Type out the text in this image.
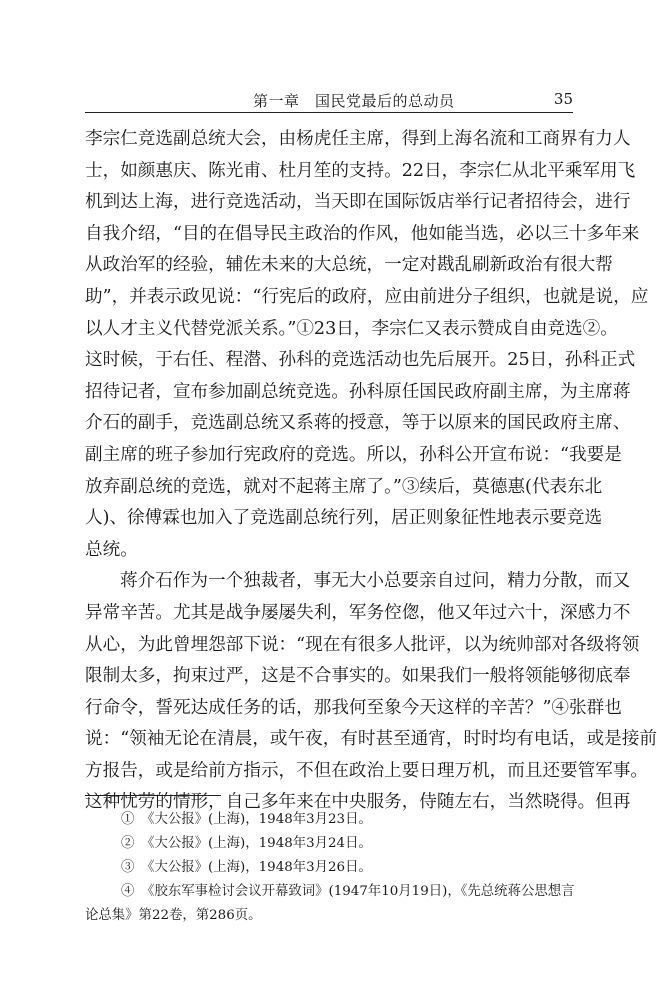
第一章　国民党最后的总动员	35
李宗仁竞选副总统大会，由杨虎任主席，得到上海名流和工商界有力人
士，如颜惠庆、陈光甫、杜月笙的支持。22日，李宗仁从北平乘军用飞
机到达上海，进行竞选活动，当天即在国际饭店举行记者招待会，进行
自我介绍，“目的在倡导民主政治的作风，他如能当选，必以三十多年来
从政治军的经验，辅佐未来的大总统，一定对戡乱刷新政治有很大帮
助”，并表示政见说：“行宪后的政府，应由前进分子组织，也就是说，应
以人才主义代替党派关系。”①23日，李宗仁又表示赞成自由竞选②。
这时候，于右任、程潜、孙科的竞选活动也先后展开。25日，孙科正式
招待记者，宣布参加副总统竞选。孙科原任国民政府副主席，为主席蒋
介石的副手，竞选副总统又系蒋的授意，等于以原来的国民政府主席、
副主席的班子参加行宪政府的竞选。所以，孙科公开宣布说：“我要是
放弃副总统的竞选，就对不起蒋主席了。”③续后，莫德惠(代表东北
人)、徐傅霖也加入了竞选副总统行列，居正则象征性地表示要竞选
总统。
蒋介石作为一个独裁者，事无大小总要亲自过问，精力分散，而又
异常辛苦。尤其是战争屡屡失利，军务倥偬，他又年过六十，深感力不
从心，为此曾埋怨部下说：“现在有很多人批评，以为统帅部对各级将领
限制太多，拘束过严，这是不合事实的。如果我们一般将领能够彻底奉
行命令，誓死达成任务的话，那我何至象今天这样的辛苦？”④张群也
说：“领袖无论在清晨，或午夜，有时甚至通宵，时时均有电话，或是接前
方报告，或是给前方指示，不但在政治上要日理万机，而且还要管军事。
这种忧劳的情形，自己多年来在中央服务，侍随左右，当然晓得。但再
①　《大公报》(上海)，1948年3月23日。
②　《大公报》(上海)，1948年3月24日。
③　《大公报》(上海)，1948年3月26日。
④　《胶东军事检讨会议开幕致词》(1947年10月19日)，《先总统蒋公思想言
论总集》第22卷，第286页。
